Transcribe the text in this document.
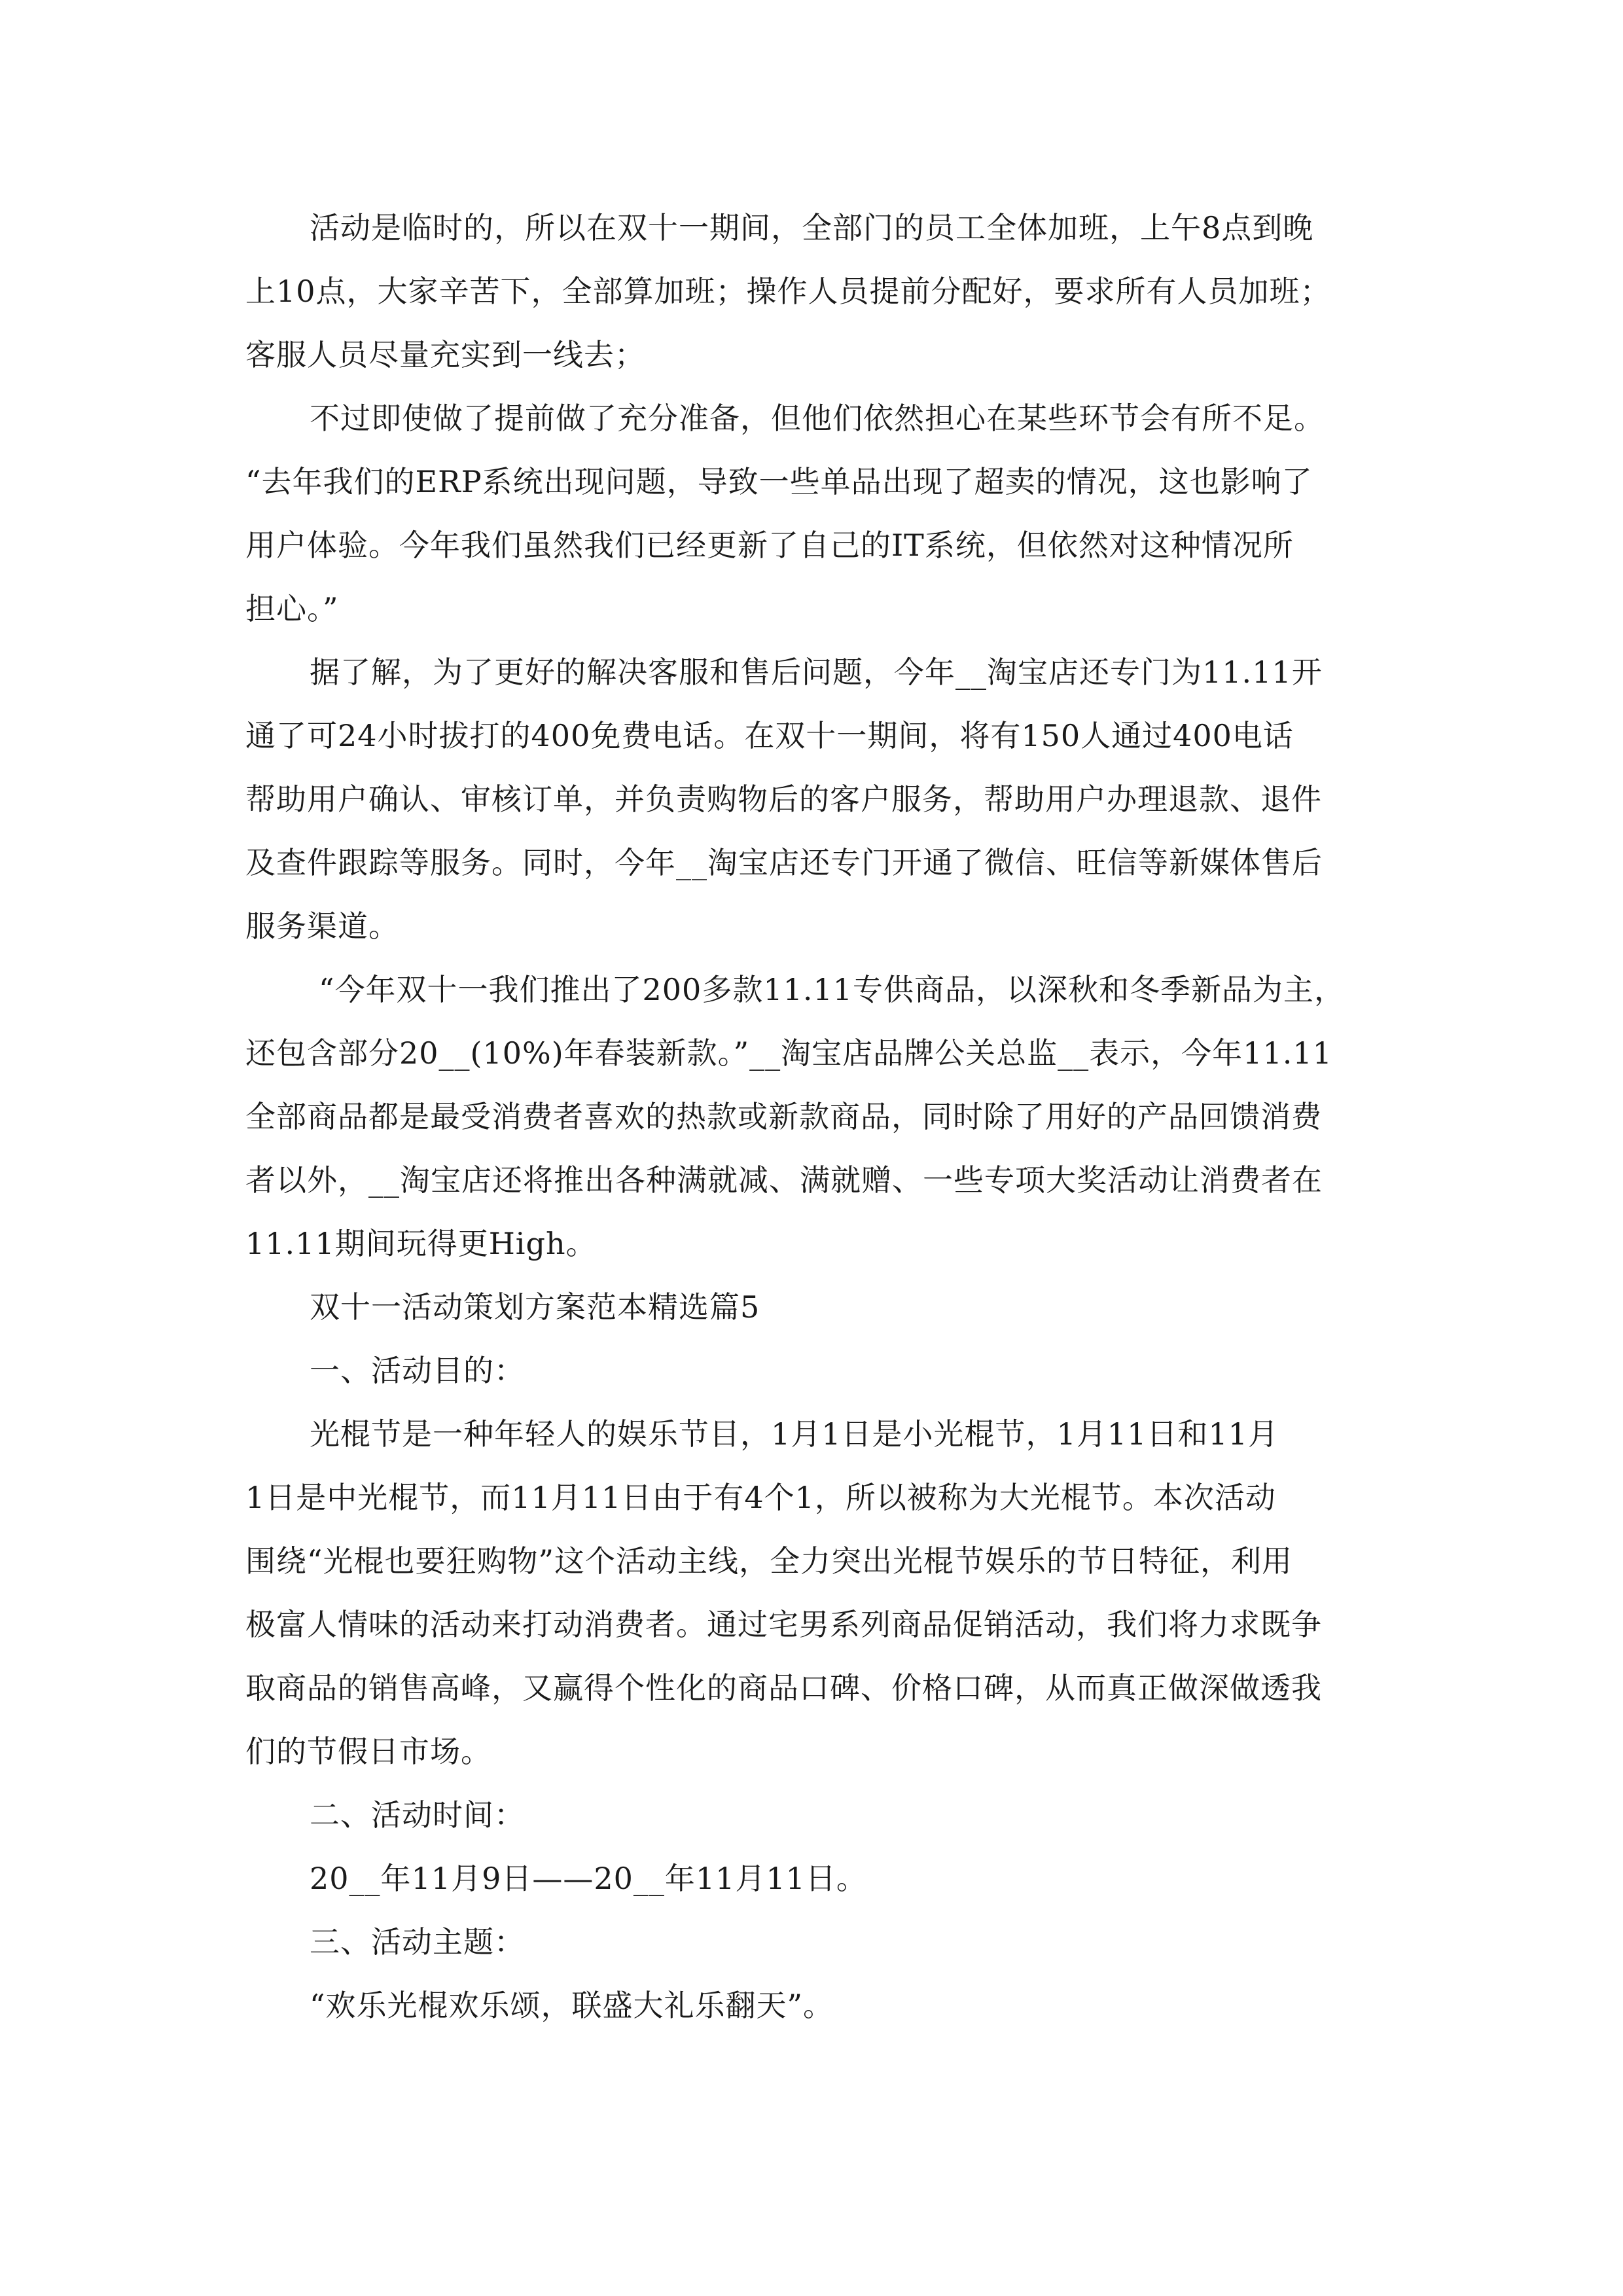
活动是临时的，所以在双十一期间，全部门的员工全体加班，上午8点到晚
上10点，大家辛苦下，全部算加班；操作人员提前分配好，要求所有人员加班；
客服人员尽量充实到一线去；
不过即使做了提前做了充分准备，但他们依然担心在某些环节会有所不足。
“去年我们的ERP系统出现问题，导致一些单品出现了超卖的情况，这也影响了
用户体验。今年我们虽然我们已经更新了自己的IT系统，但依然对这种情况所
担心。”
据了解，为了更好的解决客服和售后问题，今年__淘宝店还专门为11.11开
通了可24小时拔打的400免费电话。在双十一期间，将有150人通过400电话
帮助用户确认、审核订单，并负责购物后的客户服务，帮助用户办理退款、退件
及查件跟踪等服务。同时，今年__淘宝店还专门开通了微信、旺信等新媒体售后
服务渠道。
“今年双十一我们推出了200多款11.11专供商品，以深秋和冬季新品为主，
还包含部分20__(10%)年春装新款。”__淘宝店品牌公关总监__表示，今年11.11
全部商品都是最受消费者喜欢的热款或新款商品，同时除了用好的产品回馈消费
者以外，__淘宝店还将推出各种满就减、满就赠、一些专项大奖活动让消费者在
11.11期间玩得更High。
双十一活动策划方案范本精选篇5
一、活动目的：
光棍节是一种年轻人的娱乐节目，1月1日是小光棍节，1月11日和11月
1日是中光棍节，而11月11日由于有4个1，所以被称为大光棍节。本次活动
围绕“光棍也要狂购物”这个活动主线，全力突出光棍节娱乐的节日特征，利用
极富人情味的活动来打动消费者。通过宅男系列商品促销活动，我们将力求既争
取商品的销售高峰，又赢得个性化的商品口碑、价格口碑，从而真正做深做透我
们的节假日市场。
二、活动时间：
20__年11月9日——20__年11月11日。
三、活动主题：
“欢乐光棍欢乐颂，联盛大礼乐翻天”。
